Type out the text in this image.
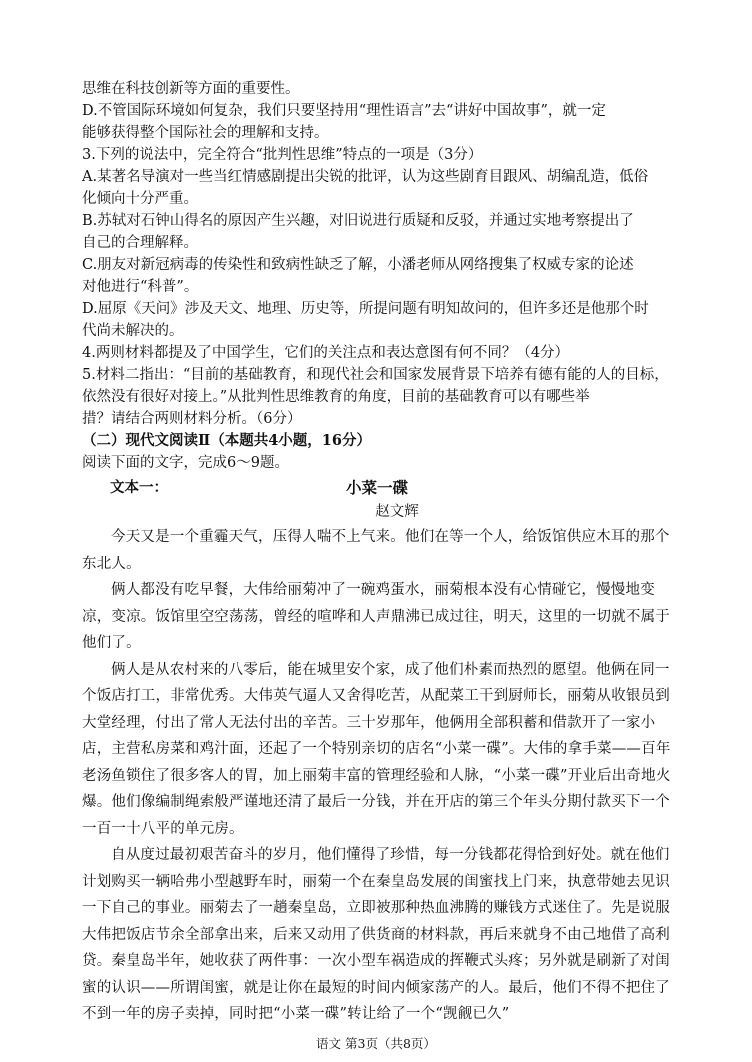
思维在科技创新等方面的重要性。

D.不管国际环境如何复杂，我们只要坚持用“理性语言”去“讲好中国故事”，就一定

能够获得整个国际社会的理解和支持。

3.下列的说法中，完全符合“批判性思维”特点的一项是（3分）

A.某著名导演对一些当红情感剧提出尖锐的批评，认为这些剧育目跟风、胡编乱造，低俗

化倾向十分严重。

B.苏轼对石钟山得名的原因产生兴趣，对旧说进行质疑和反驳，并通过实地考察提出了

自己的合理解释。

C.朋友对新冠病毒的传染性和致病性缺乏了解，小潘老师从网络搜集了权威专家的论述

对他进行“科普”。

D.屈原《天问》涉及天文、地理、历史等，所提问题有明知故问的，但许多还是他那个时

代尚未解决的。

4.两则材料都提及了中国学生，它们的关注点和表达意图有何不同？（4分）

5.材料二指出：“目前的基础教育，和现代社会和国家发展背景下培养有德有能的人的目标，

依然没有很好对接上。”从批判性思维教育的角度，目前的基础教育可以有哪些举

措？请结合两则材料分析。（6分）

（二）现代文阅读Ⅱ（本题共4小题，16分）

阅读下面的文字，完成6～9题。

文本一：	小菜一碟

赵文辉

今天又是一个重霾天气，压得人喘不上气来。他们在等一个人，给饭馆供应木耳的那个东北人。

俩人都没有吃早餐，大伟给丽菊冲了一碗鸡蛋水，丽菊根本没有心情碰它，慢慢地变凉，变凉。饭馆里空空荡荡，曾经的喧哗和人声鼎沸已成过往，明天，这里的一切就不属于他们了。

俩人是从农村来的八零后，能在城里安个家，成了他们朴素而热烈的愿望。他俩在同一个饭店打工，非常优秀。大伟英气逼人又舍得吃苦，从配菜工干到厨师长，丽菊从收银员到大堂经理，付出了常人无法付出的辛苦。三十岁那年，他俩用全部积蓄和借款开了一家小店，主营私房菜和鸡汁面，还起了一个特别亲切的店名“小菜一碟”。大伟的拿手菜——百年老汤鱼锁住了很多客人的胃，加上丽菊丰富的管理经验和人脉，“小菜一碟”开业后出奇地火爆。他们像编制绳索般严谨地还清了最后一分钱，并在开店的第三个年头分期付款买下一个一百一十八平的单元房。

自从度过最初艰苦奋斗的岁月，他们懂得了珍惜，每一分钱都花得恰到好处。就在他们计划购买一辆哈弗小型越野车时，丽菊一个在秦皇岛发展的闺蜜找上门来，执意带她去见识一下自己的事业。丽菊去了一趟秦皇岛，立即被那种热血沸腾的赚钱方式迷住了。先是说服大伟把饭店节余全部拿出来，后来又动用了供货商的材料款，再后来就身不由己地借了高利贷。秦皇岛半年，她收获了两件事：一次小型车祸造成的挥鞭式头疼；另外就是刷新了对闺蜜的认识——所谓闺蜜，就是让你在最短的时间内倾家荡产的人。最后，他们不得不把住了不到一年的房子卖掉，同时把“小菜一碟”转让给了一个“觊觎已久”

语文 第3页（共8页）
